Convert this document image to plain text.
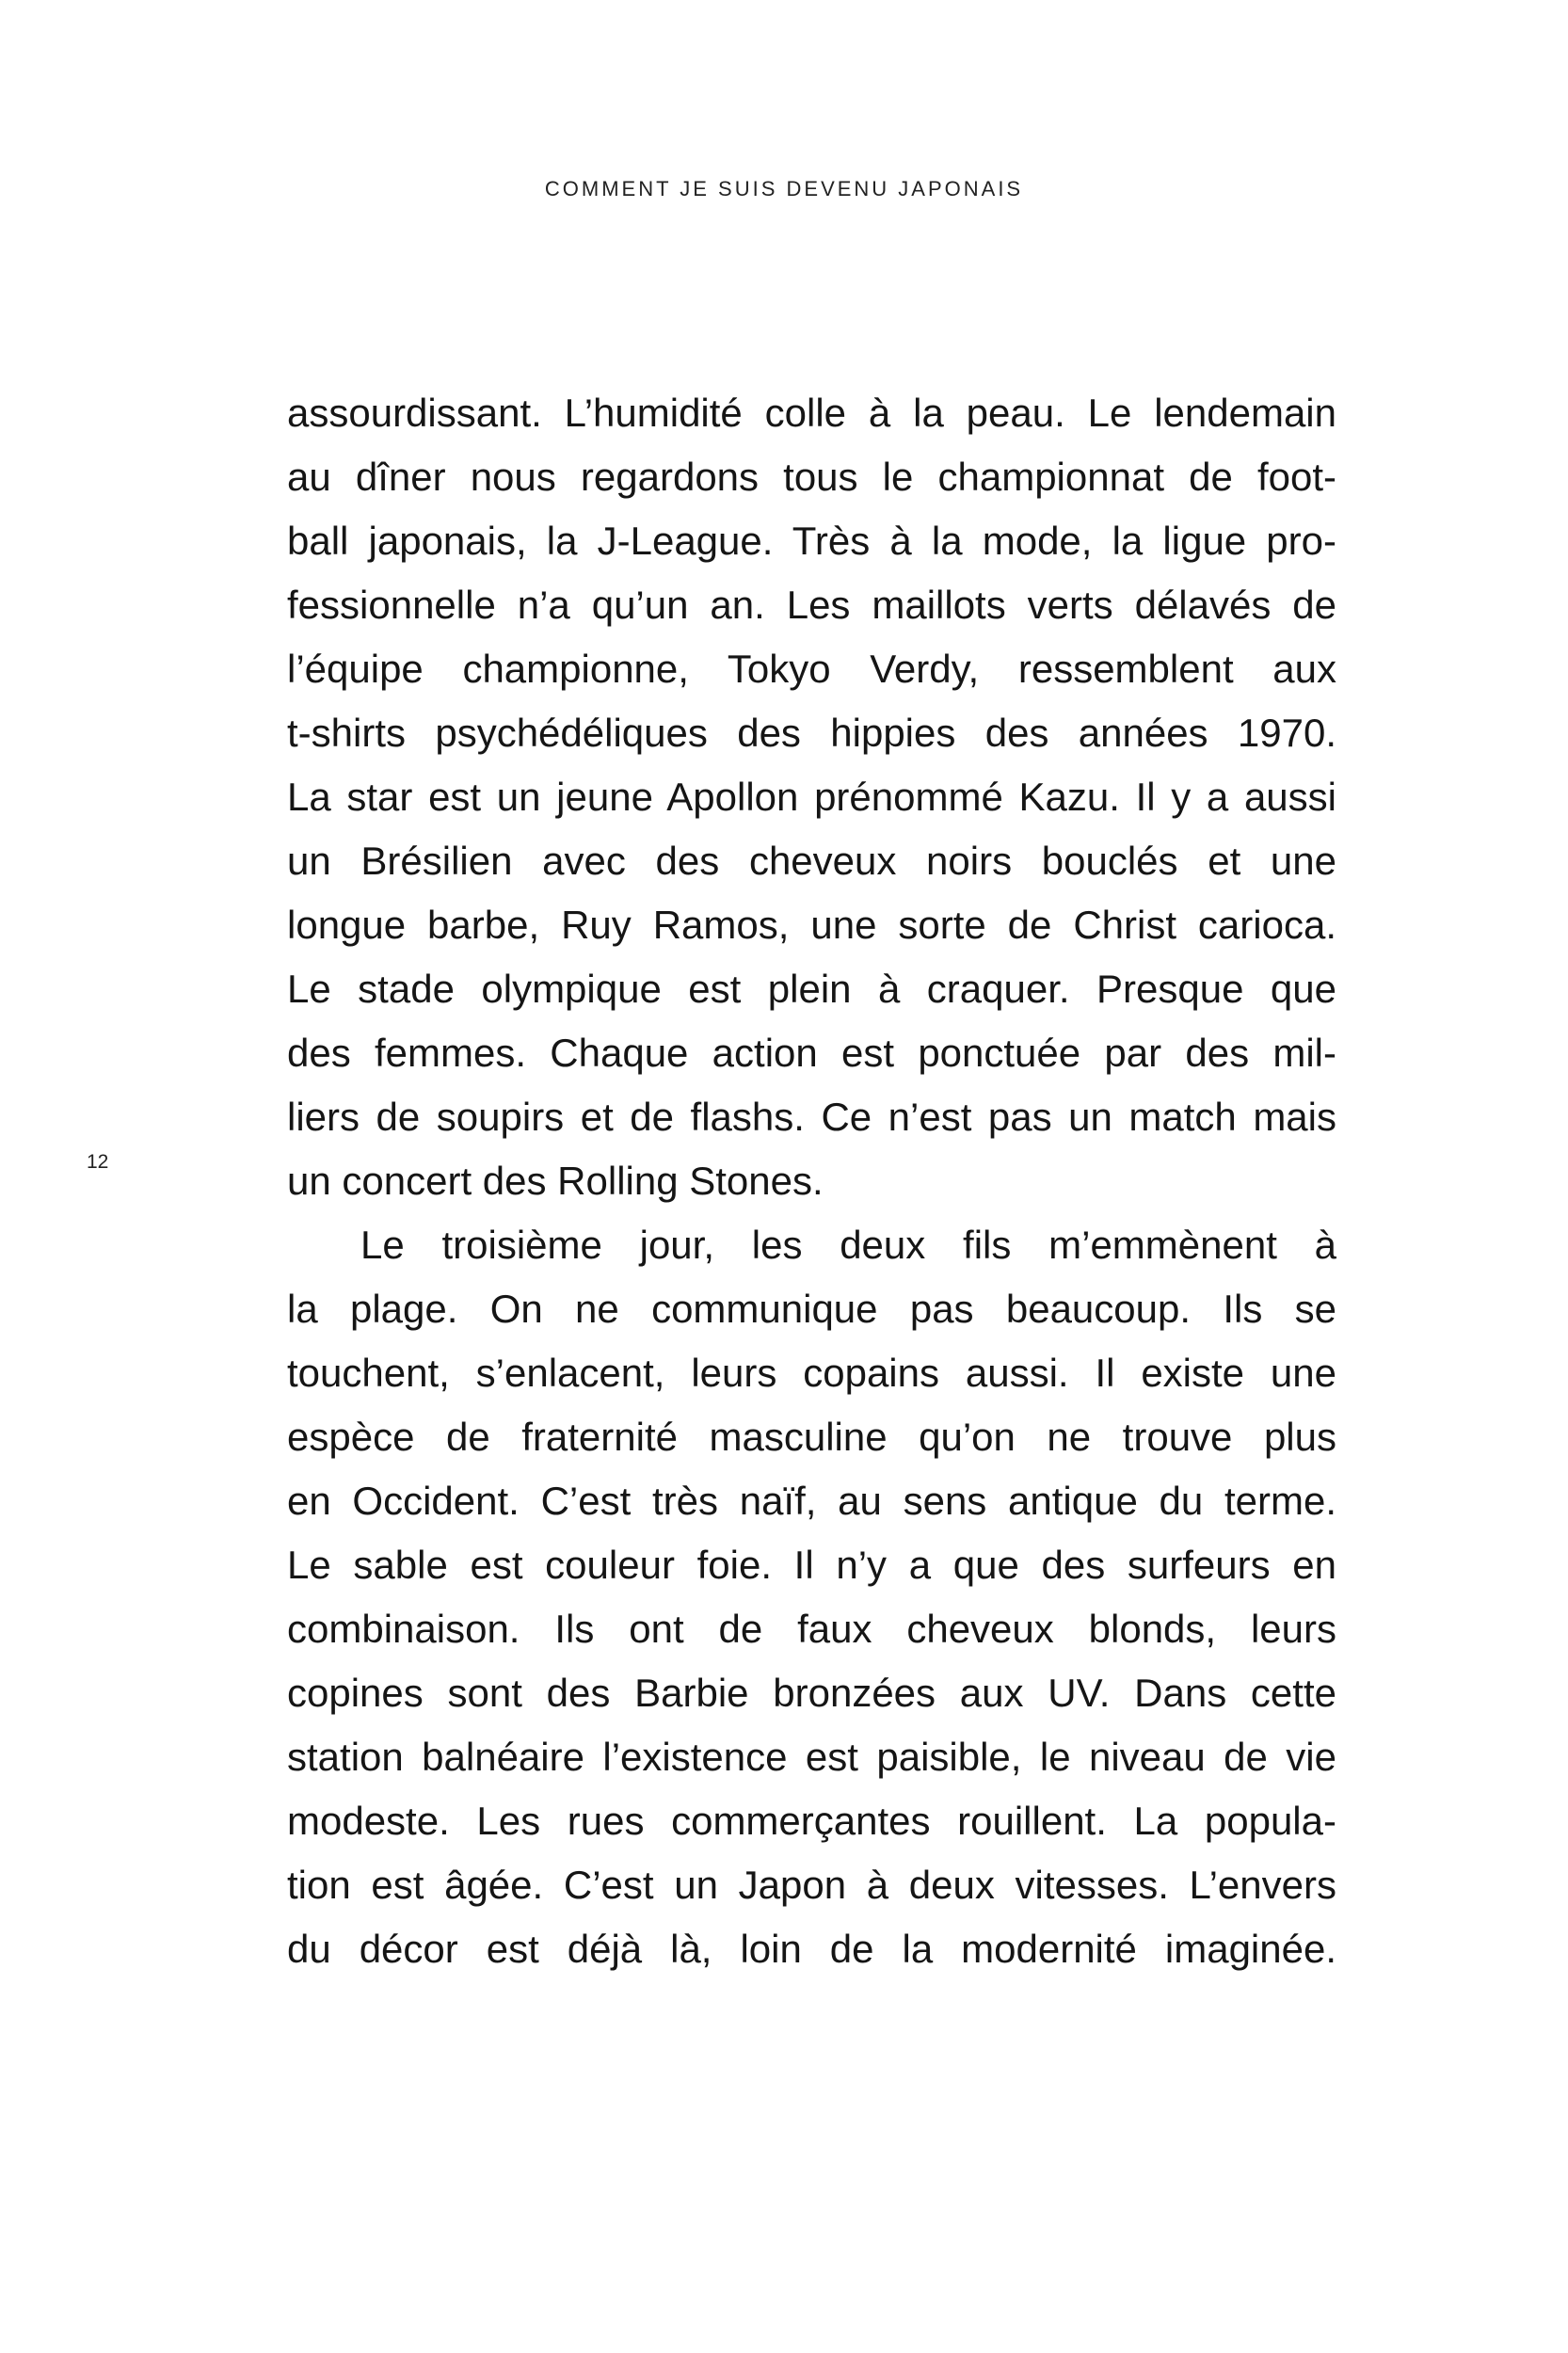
COMMENT JE SUIS DEVENU JAPONAIS
12
assourdissant. L’humidité colle à la peau. Le lendemain
au dîner nous regardons tous le championnat de foot-
ball japonais, la J-League. Très à la mode, la ligue pro-
fessionnelle n’a qu’un an. Les maillots verts délavés de
l’équipe championne, Tokyo Verdy, ressemblent aux
t-shirts psychédéliques des hippies des années 1970.
La star est un jeune Apollon prénommé Kazu. Il y a aussi
un Brésilien avec des cheveux noirs bouclés et une
longue barbe, Ruy Ramos, une sorte de Christ carioca.
Le stade olympique est plein à craquer. Presque que
des femmes. Chaque action est ponctuée par des mil-
liers de soupirs et de flashs. Ce n’est pas un match mais
un concert des Rolling Stones.
Le troisième jour, les deux fils m’emmènent à
la plage. On ne communique pas beaucoup. Ils se
touchent, s’enlacent, leurs copains aussi. Il existe une
espèce de fraternité masculine qu’on ne trouve plus
en Occident. C’est très naïf, au sens antique du terme.
Le sable est couleur foie. Il n’y a que des surfeurs en
combinaison. Ils ont de faux cheveux blonds, leurs
copines sont des Barbie bronzées aux UV. Dans cette
station balnéaire l’existence est paisible, le niveau de vie
modeste. Les rues commerçantes rouillent. La popula-
tion est âgée. C’est un Japon à deux vitesses. L’envers
du décor est déjà là, loin de la modernité imaginée.
